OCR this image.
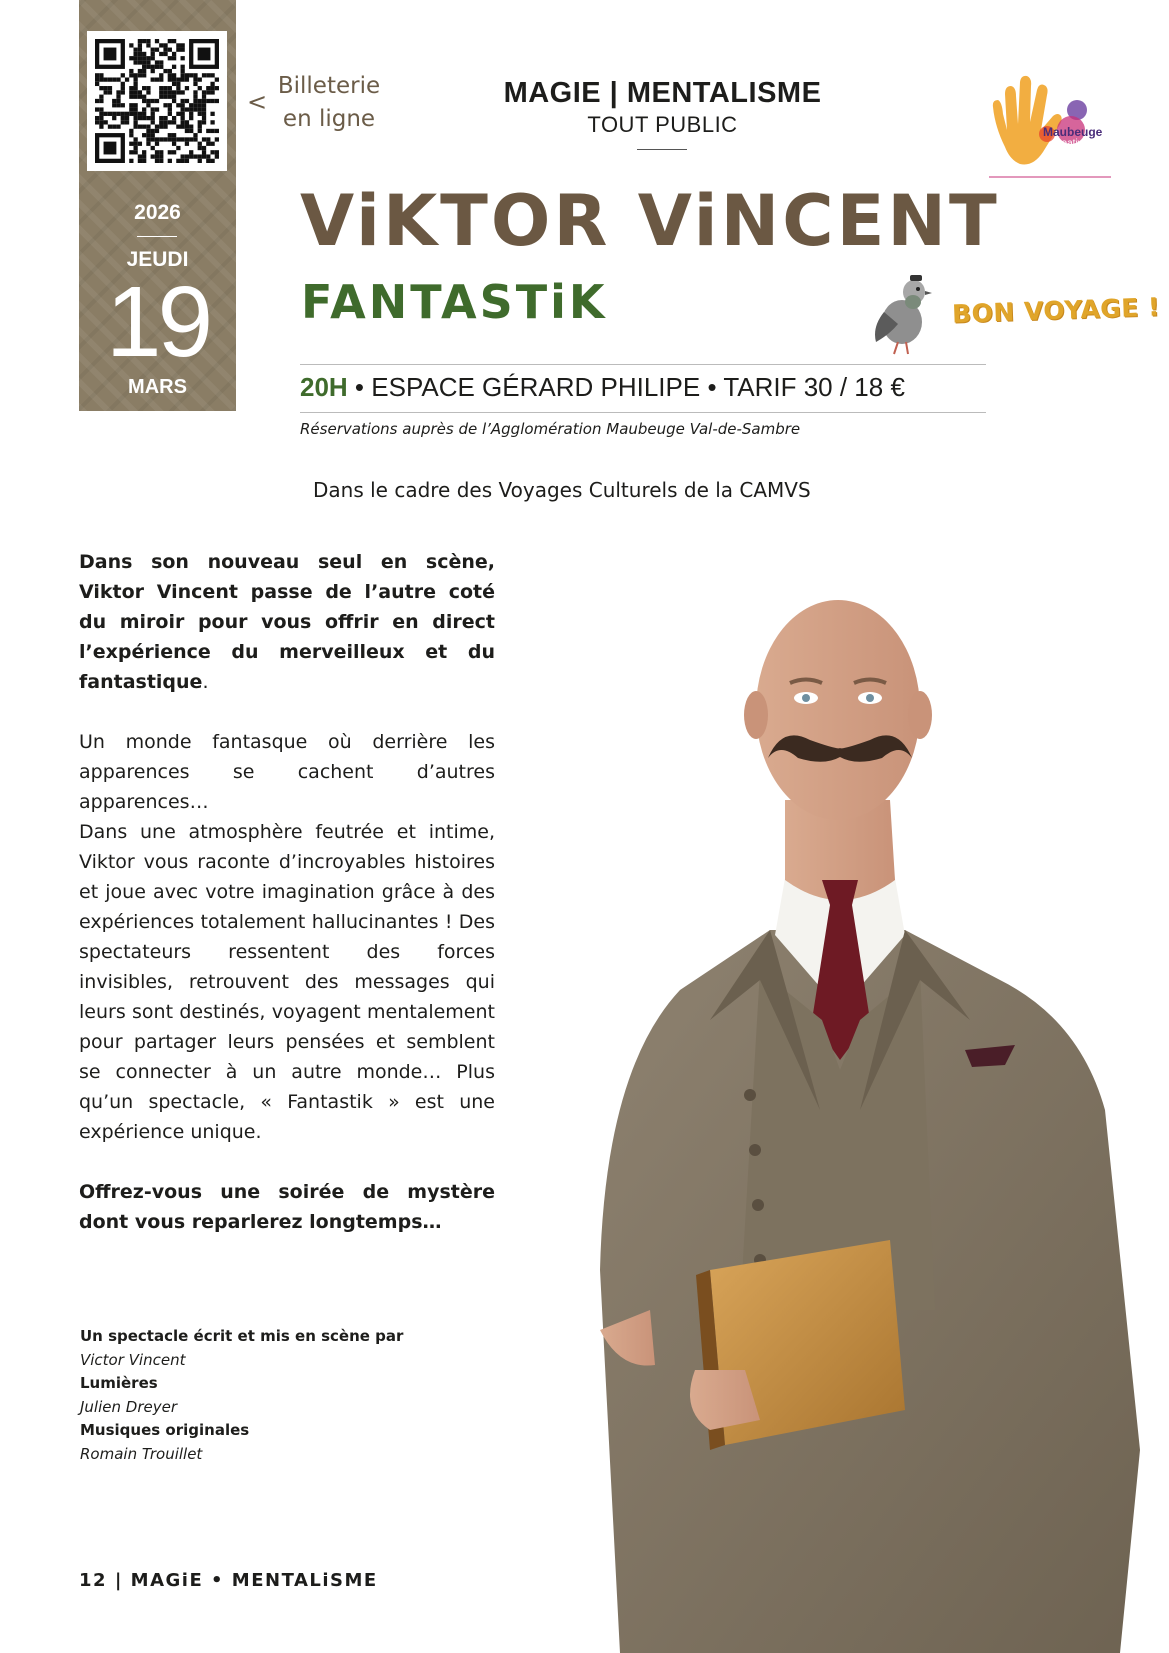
2026
JEUDI
19
MARS
<
Billeterie
en ligne
MAGIE | MENTALISME
TOUT PUBLIC	Maubeuge
Creative
Cities
ViKTOR ViNCENT
FANTASTiK	BON VOYAGE !
20H • ESPACE GÉRARD PHILIPE • TARIF 30 / 18 €
Réservations auprès de l’Agglomération Maubeuge Val-de-Sambre
Dans le cadre des Voyages Culturels de la CAMVS

Dans son nouveau seul en scène, Viktor Vincent passe de l’autre coté du miroir pour vous offrir en direct l’expérience du merveilleux et du fantastique.

Un monde fantasque où derrière les apparences se cachent d’autres apparences…

Dans une atmosphère feutrée et intime, Viktor vous raconte d’incroyables histoires et joue avec votre imagination grâce à des expériences totalement hallucinantes ! Des spectateurs ressentent des forces invisibles, retrouvent des messages qui leurs sont destinés, voyagent mentalement pour partager leurs pensées et semblent se connecter à un autre monde… Plus qu’un spectacle, « Fantastik » est une expérience unique.

Offrez-vous une soirée de mystère dont vous reparlerez longtemps…

Un spectacle écrit et mis en scène par
Victor Vincent
Lumières
Julien Dreyer
Musiques originales
Romain Trouillet
12 | MAGiE • MENTALiSME
